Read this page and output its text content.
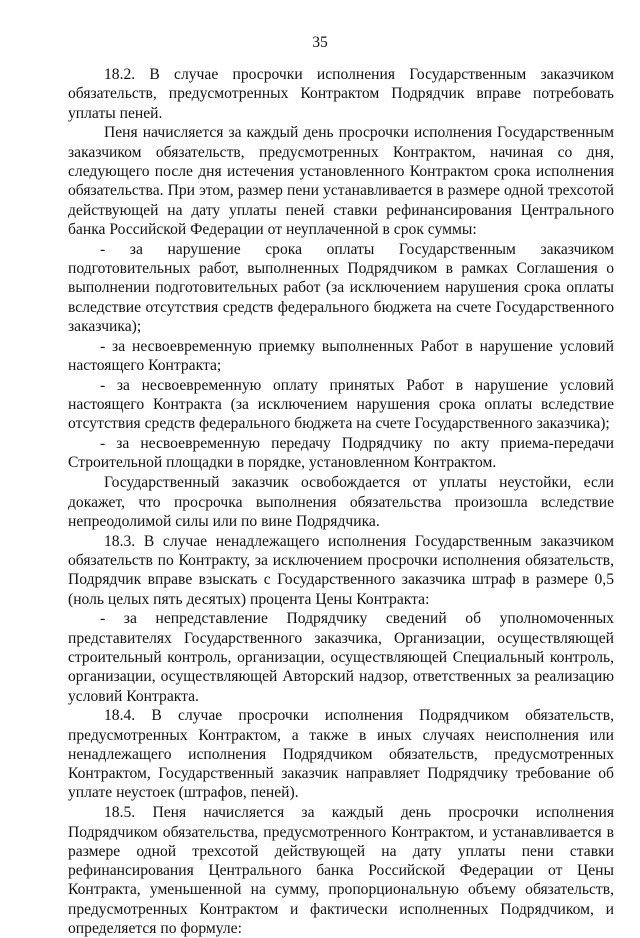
35

18.2. В случае просрочки исполнения Государственным заказчиком обязательств, предусмотренных Контрактом Подрядчик вправе потребовать уплаты пеней.

Пеня начисляется за каждый день просрочки исполнения Государственным заказчиком обязательств, предусмотренных Контрактом, начиная со дня, следующего после дня истечения установленного Контрактом срока исполнения обязательства. При этом, размер пени устанавливается в размере одной трехсотой действующей на дату уплаты пеней ставки рефинансирования Центрального банка Российской Федерации от неуплаченной в срок суммы:

- за нарушение срока оплаты Государственным заказчиком подготовительных работ, выполненных Подрядчиком в рамках Соглашения о выполнении подготовительных работ (за исключением нарушения срока оплаты вследствие отсутствия средств федерального бюджета на счете Государственного заказчика);

- за несвоевременную приемку выполненных Работ в нарушение условий настоящего Контракта;

- за несвоевременную оплату принятых Работ в нарушение условий настоящего Контракта (за исключением нарушения срока оплаты вследствие отсутствия средств федерального бюджета на счете Государственного заказчика);

- за несвоевременную передачу Подрядчику по акту приема-передачи Строительной площадки в порядке, установленном Контрактом.

Государственный заказчик освобождается от уплаты неустойки, если докажет, что просрочка выполнения обязательства произошла вследствие непреодолимой силы или по вине Подрядчика.

18.3. В случае ненадлежащего исполнения Государственным заказчиком обязательств по Контракту, за исключением просрочки исполнения обязательств, Подрядчик вправе взыскать с Государственного заказчика штраф в размере 0,5 (ноль целых пять десятых) процента Цены Контракта:

- за непредставление Подрядчику сведений об уполномоченных представителях Государственного заказчика, Организации, осуществляющей строительный контроль, организации, осуществляющей Специальный контроль, организации, осуществляющей Авторский надзор, ответственных за реализацию условий Контракта.

18.4. В случае просрочки исполнения Подрядчиком обязательств, предусмотренных Контрактом, а также в иных случаях неисполнения или ненадлежащего исполнения Подрядчиком обязательств, предусмотренных Контрактом, Государственный заказчик направляет Подрядчику требование об уплате неустоек (штрафов, пеней).

18.5. Пеня начисляется за каждый день просрочки исполнения Подрядчиком обязательства, предусмотренного Контрактом, и устанавливается в размере одной трехсотой действующей на дату уплаты пени ставки рефинансирования Центрального банка Российской Федерации от Цены Контракта, уменьшенной на сумму, пропорциональную объему обязательств, предусмотренных Контрактом и фактически исполненных Подрядчиком, и определяется по формуле:
